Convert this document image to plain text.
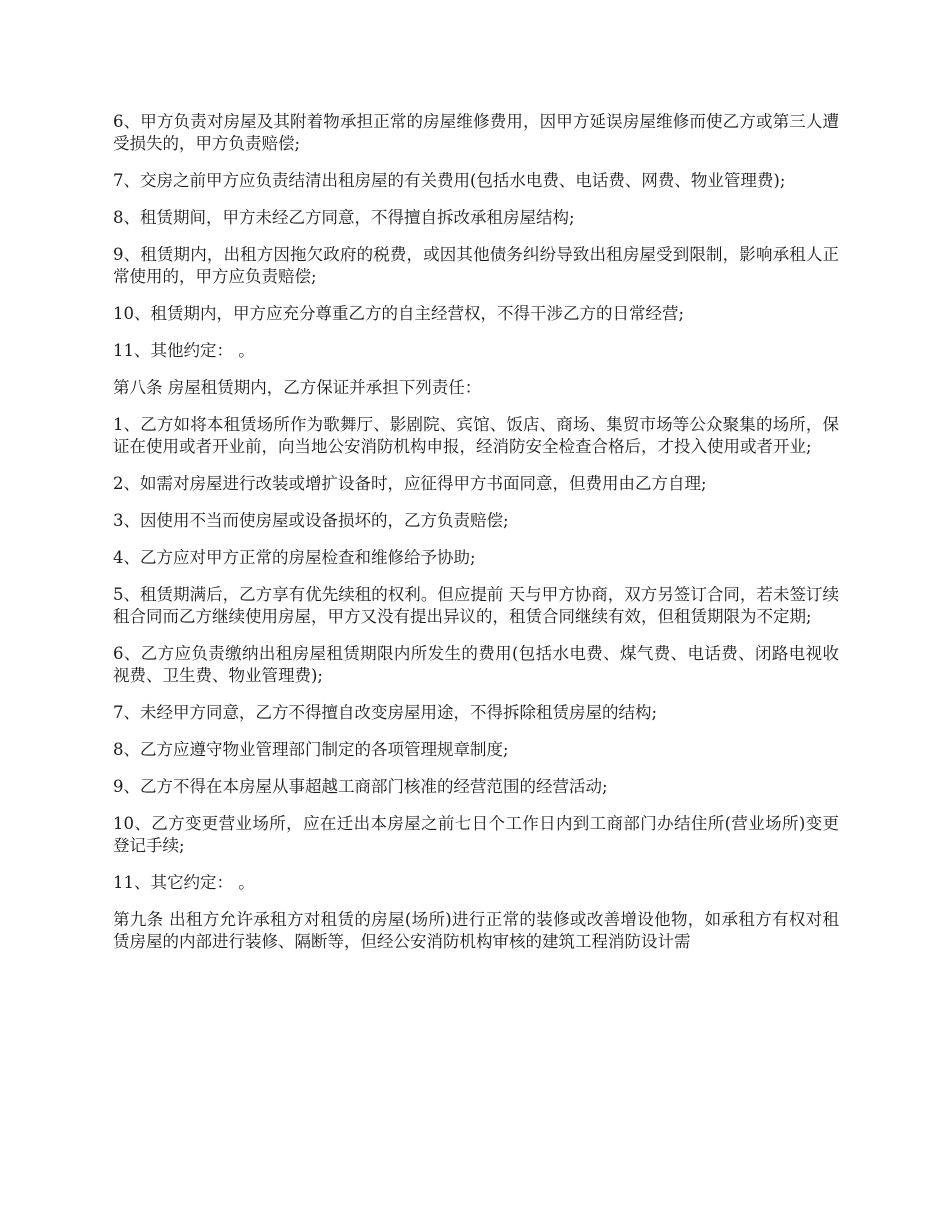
6、甲方负责对房屋及其附着物承担正常的房屋维修费用，因甲方延误房屋维修而使乙方或第三人遭受损失的，甲方负责赔偿;

7、交房之前甲方应负责结清出租房屋的有关费用(包括水电费、电话费、网费、物业管理费);

8、租赁期间，甲方未经乙方同意，不得擅自拆改承租房屋结构;

9、租赁期内，出租方因拖欠政府的税费，或因其他债务纠纷导致出租房屋受到限制，影响承租人正常使用的，甲方应负责赔偿;

10、租赁期内，甲方应充分尊重乙方的自主经营权，不得干涉乙方的日常经营;

11、其他约定： 。

第八条 房屋租赁期内，乙方保证并承担下列责任：

1、乙方如将本租赁场所作为歌舞厅、影剧院、宾馆、饭店、商场、集贸市场等公众聚集的场所，保证在使用或者开业前，向当地公安消防机构申报，经消防安全检查合格后，才投入使用或者开业;

2、如需对房屋进行改装或增扩设备时，应征得甲方书面同意，但费用由乙方自理;

3、因使用不当而使房屋或设备损坏的，乙方负责赔偿;

4、乙方应对甲方正常的房屋检查和维修给予协助;

5、租赁期满后，乙方享有优先续租的权利。但应提前 天与甲方协商，双方另签订合同，若未签订续租合同而乙方继续使用房屋，甲方又没有提出异议的，租赁合同继续有效，但租赁期限为不定期;

6、乙方应负责缴纳出租房屋租赁期限内所发生的费用(包括水电费、煤气费、电话费、闭路电视收视费、卫生费、物业管理费);

7、未经甲方同意，乙方不得擅自改变房屋用途，不得拆除租赁房屋的结构;

8、乙方应遵守物业管理部门制定的各项管理规章制度;

9、乙方不得在本房屋从事超越工商部门核准的经营范围的经营活动;

10、乙方变更营业场所，应在迁出本房屋之前七日个工作日内到工商部门办结住所(营业场所)变更登记手续;

11、其它约定： 。

第九条 出租方允许承租方对租赁的房屋(场所)进行正常的装修或改善增设他物，如承租方有权对租赁房屋的内部进行装修、隔断等，但经公安消防机构审核的建筑工程消防设计需
